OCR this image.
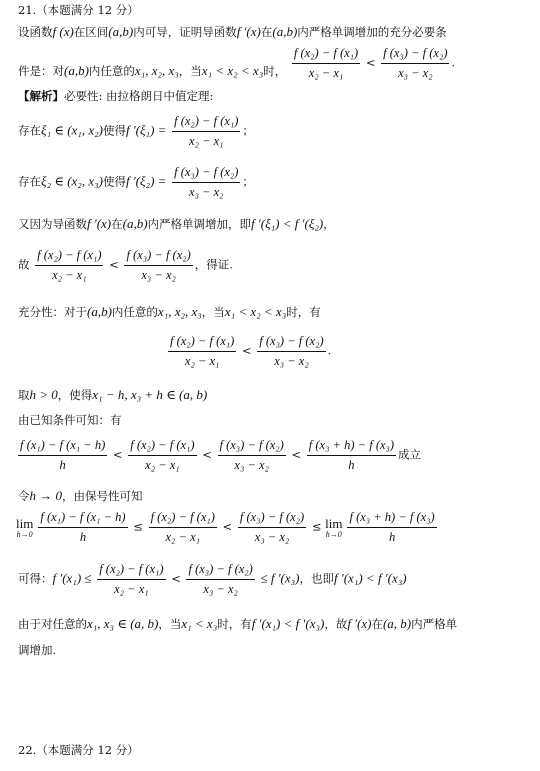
21.（本题满分 12 分）
设函数f (x)在区间(a,b)内可导，证明导函数f ′(x)在(a,b)内严格单调增加的充分必要条
件是：对(a,b)内任意的x₁, x₂, x₃，当x₁ < x₂ < x₃时， $\frac{\text{f (x₂) − f (x₁)}}{\text{x₂ − x₁}} < \frac{\text{f (x₃) − f (x₂)}}{\text{x₃ − x₂}}$ .
【解析】必要性: 由拉格朗日中值定理:
存在ξ₁ ∈ (x₁, x₂)使得f $'(\xi_1) = \frac{\text{f (x₂) − f (x₁)}}{\text{x₂ − x₁}}$ ；
存在ξ₂ ∈ (x₂, x₃)使得f $'(\xi_2) = \frac{\text{f (x₃) − f (x₂)}}{\text{x₃ − x₂}}$ ；
又因为导函数f ′(x)在(a,b)内严格单调增加，即f ′(ξ₁) < f ′(ξ₂)，
故 $\frac{\text{f (x₂) − f (x₁)}}{\text{x₂ − x₁}} < \frac{\text{f (x₃) − f (x₂)}}{\text{x₃ − x₂}}$ ，得证.
充分性：对于(a,b)内任意的x₁, x₂, x₃，当x₁ < x₂ < x₃时，有
$\frac{\text{f (x₂) − f (x₁)}}{\text{x₂ − x₁}} < \frac{\text{f (x₃) − f (x₂)}}{\text{x₃ − x₂}}$ .
取h > 0，使得x₁ − h, x₃ + h ∈ (a, b)
由已知条件可知：有
$\frac{\text{f (x₁) − f (x₁ − h)}}{h} < \frac{\text{f (x₂) − f (x₁)}}{\text{x₂ − x₁}} < \frac{\text{f (x₃) − f (x₂)}}{\text{x₃ − x₂}} < \frac{\text{f (x₃ + h) − f (x₃)}}{h}$ 成立
令h → 0，由保号性可知
lim
$h\to 0 \frac{\text{f (x₁) − f (x₁ − h)}}{h} \le \frac{\text{f (x₂) − f (x₁)}}{\text{x₂ − x₁}} < \frac{\text{f (x₃) − f (x₂)}}{\text{x₃ − x₂}} \le \lim$
$h\to 0 \frac{\text{f (x₃ + h) − f (x₃)}}{h}$
可得：f $'(x_1) \le \frac{\text{f (x₂) − f (x₁)}}{\text{x₂ − x₁}} < \frac{\text{f (x₃) − f (x₂)}}{\text{x₃ − x₂}} \le f$ ′(x₃)，也即f ′(x₁) < f ′(x₃)
由于对任意的x₁, x₃ ∈ (a, b)，当x₁ < x₃时，有f ′(x₁) < f ′(x₃)，故f ′(x)在(a, b)内严格单
调增加.
22.（本题满分 12 分）
